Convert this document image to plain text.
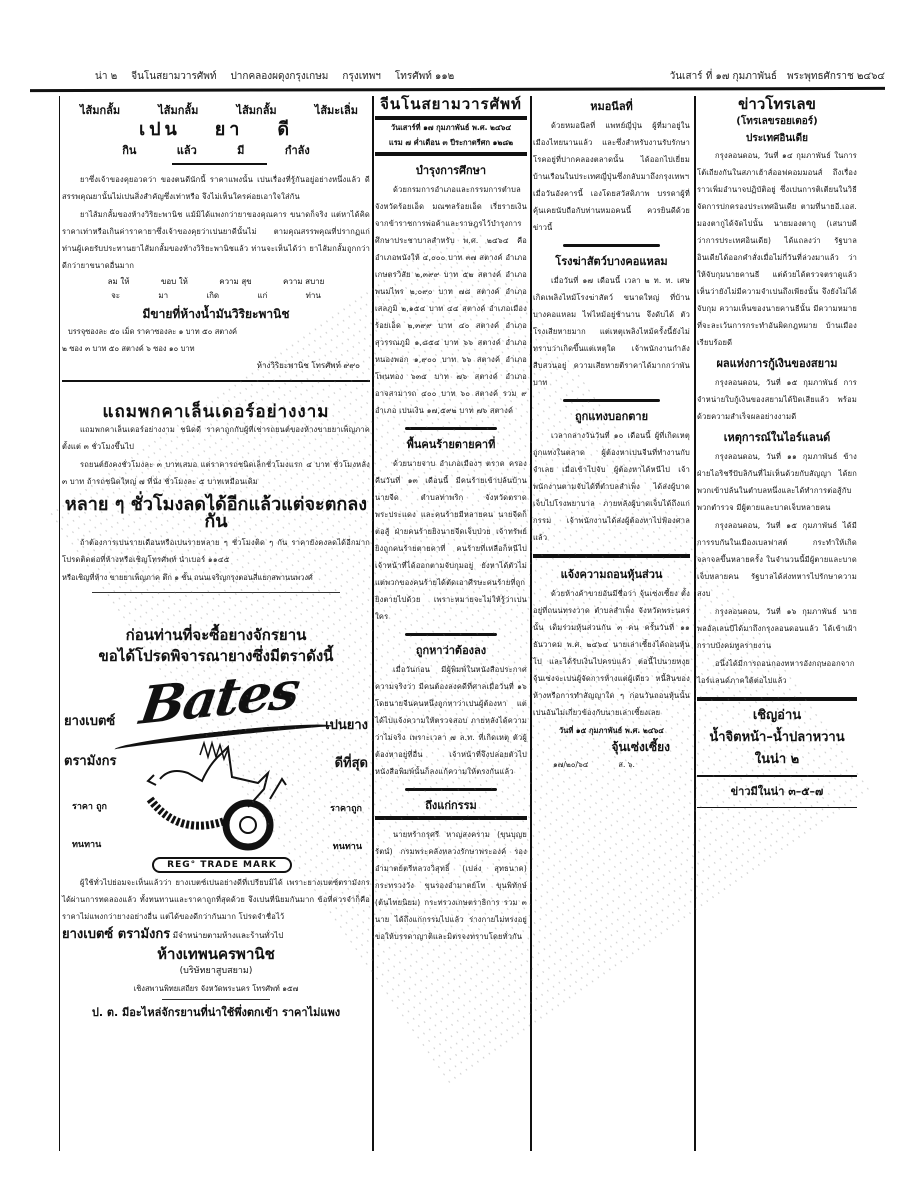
น่า ๒ จีนโนสยามวารศัพท์ ปากคลองผดุงกรุงเกษม กรุงเทพฯ โทรศัพท์ ๑๑๒	วันเสาร์ ที่ ๑๗ กุมภาพันธ์ พระพุทธศักราช ๒๔๖๔
ไส้มกลั้ม	ไส้มกลั้ม	ไส้มกลั้ม	ไส้มะเลิ่ม
เปน ยา ดี
กิน	แล้ว	มี	กำลัง

ยาซึ่งเจ้าของคุยอวดว่า ของตนดีนักนี้ ราคาแพงนั้น เปนเรื่องที่รู้กันอยู่อย่างหนึ่งแล้ว ดีสรรพคุณยานั้นไม่เปนสิ่งสำคัญซึ่งเท่าหรือ จึงไม่เห็นใครค่อยเอาใจใส่กัน

ยาไส้มกลั้มของห้างวิริยะพานิช แม้มิได้แพงกว่ายาของคุณคาร ขนาดก็จริง แต่หาได้คิดราคาเท่าหรือเกินค่าราคายาซึ่งเจ้าของคุยว่าเปนยาดีนั้นไม่ ตามคุณสรรพคุณที่ปรากฏแก่ท่านผู้เคยรับประทานยาไส้มกลั้มของห้างวิริยะพานิชแล้ว ท่านจะเห็นได้ว่า ยาไส้มกลั้มถูกกว่า ดีกว่ายาขนาดอื่นมาก

ลม ให้	ขอบ ให้	ความ สุข	ความ สบาย
จะ	มา	เกิด	แก่	ท่าน
มีขายที่ห้างน้ำมันวิริยะพานิช
บรรจุซองละ ๕๐ เม็ด ราคาซองละ ๑ บาท ๕๐ สตางค์
๒ ซอง ๓ บาท ๕๐ สตางค์ ๖ ซอง ๑๐ บาท
ห้างวิริยะพานิช โทรศัพท์ ๙๙๐
แถมพกคาเล็นเดอร์อย่างงาม

แถมพกคาเล็นเดอร์อย่างงาม ชนิดดี ราคาถูกกับผู้ที่เช่ารถยนต์ของห้างขายยาเพ็ญภาค ตั้งแต่ ๓ ชั่วโมงขึ้นไป

รถยนต์ยังคงชั่วโมงละ ๓ บาทเสมอ แต่ราคารถชนิดเล็กชั่วโมงแรก ๔ บาท ชั่วโมงหลัง ๓ บาท ถ้ารถชนิดใหญ่ ๗ ที่นั่ง ชั่วโมงละ ๕ บาทเหมือนเดิม

หลาย ๆ ชั่วโมงลดได้อีกแล้วแต่จะตกลงกัน

ถ้าต้องการเปนรายเดือนหรือเปนรายหลาย ๆ ชั่วโมงติด ๆ กัน ราคายังคงลดได้อีกมาก โปรดติดต่อที่ห้างหรือเชิญโทรศัพท์ นำเบอร์ ๑๑๔๕

หรือเชิญที่ห้าง ขายยาเพ็ญภาค ตึก ๑ ชั้น ถนนเจริญกรุงตอนสี่แยกสพานนพวงศ์
ก่อนท่านที่จะซื้อยางจักรยาน
ขอได้โปรดพิจารณายางซึ่งมีตราดังนี้
Bates
ยางเบตซ์
ตรามังกร
ราคา ถูก
ทนทาน
เปนยาง
ดีที่สุด
ราคาถูก
ทนทาน
REG° TRADE MARK

ผู้ใช้ทั่วไปย่อมจะเห็นแล้วว่า ยางเบตซ์เปนอย่างดีที่เปรียบมิได้ เพราะยางเบตซ์ตรามังกรได้ผ่านการทดลองแล้ว ทั้งทนทานและราคาถูกที่สุดด้วย จึงเปนที่นิยมกันมาก ข้อที่ควรจำก็คือ ราคาไม่แพงกว่ายางอย่างอื่น แต่ได้ของดีกว่ากันมาก โปรดจำชื่อไว้

ยางเบตซ์ ตรามังกร มีจำหน่ายตามห้างและร้านทั่วไป
ห้างเทพนครพานิช
(บริษัทยาสูบสยาม)
เชิงสพานพิทยเสถียร จังหวัดพระนคร โทรศัพท์ ๑๕๗
ป. ต. มีอะไหล่จักรยานที่น่าใช้พึ่งตกเข้า ราคาไม่แพง
จีนโนสยามวารศัพท์
วันเสาร์ที่ ๑๗ กุมภาพันธ์ พ.ศ. ๒๔๖๔
แรม ๗ ค่ำเดือน ๓ ปีระกาตรีศก ๑๒๘๒
บำรุงการศึกษา

ด้วยกรมการอำเภอและกรรมการตำบล จังหวัดร้อยเอ็ด มณฑลร้อยเอ็ด เรี่ยรายเงินจากข้าราชการพ่อค้าและราษฎรไว้บำรุงการศึกษาประชาบาลสำหรับ พ.ศ. ๒๔๖๔ คือ อำเภอพนังให้ ๔,๐๐๐ บาท ๓๗ สตางค์ อำเภอเกษตรวิสัย ๒,๓๙๙ บาท ๕๒ สตางค์ อำเภอพนมไพร ๒,๐๙๐ บาท ๗๘ สตางค์ อำเภอเสลภูมิ ๒,๑๕๔ บาท ๔๔ สตางค์ อำเภอเมืองร้อยเอ็ด ๒,๓๙๙ บาท ๔๐ สตางค์ อำเภอสุวรรณภูมิ ๑,๘๕๔ บาท ๖๖ สตางค์ อำเภอหนองพอก ๑,๙๐๐ บาท ๖๖ สตางค์ อำเภอโพนทอง ๖๓๔ บาท ๗๖ สตางค์ อำเภออาจสามารถ ๔๐๐ บาท ๖๐ สตางค์ รวม ๙ อำเภอ เปนเงิน ๑๗,๕๙๒ บาท ๗๖ สตางค์

พื้นคนร้ายตายคาที่

ด้วยนายจาบ อำเภอเมืองฯ ตราด ครองคืนวันที่ ๑๓ เดือนนี้ มีคนร้ายเข้าปล้นบ้านนายจีด ตำบลท่าพริก จังหวัดตราด พระประแดง และคนร้ายมีหลายคน นายจีดก็ต่อสู้ ฝ่ายคนร้ายยิงนายจีดเจ็บป่วย เจ้าทรัพย์ยิงถูกคนร้ายตายคาที่ คนร้ายที่เหลือก็หนีไป เจ้าหน้าที่ได้ออกตามจับกุมอยู่ ยังหาได้ตัวไม่ แต่พวกของคนร้ายได้ตัดเอาศีรษะคนร้ายที่ถูกยิงตายไปด้วย เพราะหมายจะไม่ให้รู้ว่าเปนใคร

ถูกหาว่าต้องลง

เมื่อวันก่อน มีผู้พิมพ์ในหนังสือประกาศความจริงว่า มีคนต้องลงคดีที่ศาลเมื่อวันที่ ๑๖ โดยนายจีนคนหนึ่งถูกหาว่าเปนผู้ต้องหา แต่ได้ไปแจ้งความให้ตรวจสอบ ภายหลังได้ความว่าไม่จริง เพราะเวลา ๗ ล.ท. ที่เกิดเหตุ ตัวผู้ต้องหาอยู่ที่อื่น เจ้าหน้าที่จึงปล่อยตัวไป หนังสือพิมพ์นั้นก็ลงแก้ความให้ตรงกันแล้ว

ถึงแก่กรรม

นายหร้ากรุศรี หาญสงคราม (ขุนบุญยรัตน์) กรมพระคลังหลวงรักษาพระองค์ รองอำมาตย์ตรีหลวงวิสุทธิ์ (เปล่ง สุทธนาค) กระทรวงวัง ขุนรองอำมาตย์โท ขุนพิทักษ์ (ต้นไทยนิยม) กระทรวงเกษตราธิการ รวม ๓ นาย ได้ถึงแก่กรรมไปแล้ว ร่างกายไม่ทรงอยู่ ขอให้บรรดาญาติและมิตรจงทราบโดยทั่วกัน

หมอนีลที่

ด้วยหมอนีลที่ แพทย์ญี่ปุ่น ผู้ที่มาอยู่ในเมืองไทยนานแล้ว และซึ่งสำหรับงานรับรักษาโรคอยู่ที่ปากคลองตลาดนั้น ได้ออกไปเยี่ยมบ้านเรือนในประเทศญี่ปุ่นซึ่งกลับมาถึงกรุงเทพฯ เมื่อวันอังคารนี้ เองโดยสวัสดิภาพ บรรดาผู้ที่คุ้นเคยนับถือกับท่านหมอคนนี้ ควรยินดีด้วยข่าวนี้

โรงฆ่าสัตว์บางคอแหลม

เมื่อวันที่ ๑๗ เดือนนี้ เวลา ๒ ท. ท. เศษ เกิดเพลิงไหม้โรงฆ่าสัตว์ ขนาดใหญ่ ที่บ้านบางคอแหลม ไฟไหม้อยู่ช้านาน จึงดับได้ ตัวโรงเสียหายมาก แต่เหตุเพลิงไหม้ครั้งนี้ยังไม่ทราบว่าเกิดขึ้นแต่เหตุใด เจ้าพนักงานกำลังสืบสวนอยู่ ความเสียหายตีราคาได้มากกว่าพันบาท

ถูกแทงบอกตาย

เวลากลางวันวันที่ ๑๐ เดือนนี้ ผู้ที่เกิดเหตุถูกแทงในตลาด ผู้ต้องหาเปนจีนที่ทำงานกับจำเลย เมื่อเข้าไปจับ ผู้ต้องหาได้หนีไป เจ้าพนักงานตามจับได้ที่ตำบลสำเพ็ง ได้ส่งผู้บาดเจ็บไปโรงพยาบาล ภายหลังผู้บาดเจ็บได้ถึงแก่กรรม เจ้าพนักงานได้ส่งผู้ต้องหาไปฟ้องศาลแล้ว

แจ้งความถอนหุ้นส่วน

ด้วยห้างค้าขายอันมีชื่อว่า จุ้นเซ่งเซี้ยง ตั้งอยู่ที่ถนนทรงวาด ตำบลสำเพ็ง จังหวัดพระนครนั้น เดิมร่วมหุ้นส่วนกัน ๓ คน ครั้นวันที่ ๑๑ ธันวาคม พ.ศ. ๒๔๖๔ นายเล่าเซี้ยงได้ถอนหุ้นไป และได้รับเงินไปครบแล้ว ต่อนี้ไปนายหงุยจุ้นเซ่งจะเปนผู้จัดการห้างแต่ผู้เดียว หนี้สินของห้างหรือการทำสัญญาใด ๆ ก่อนวันถอนหุ้นนั้น เปนอันไม่เกี่ยวข้องกับนายเล่าเซี้ยงเลย

วันที่ ๑๕ กุมภาพันธ์ พ.ศ. ๒๔๖๔
จุ้นเซ่งเซี้ยง
๑๗/๒๐/๖๔	ส. ๖.
ข่าวโทรเลข
(โทรเลขรอยเตอร์)
ประเทศอินเดีย

กรุงลอนดอน, วันที่ ๑๔ กุมภาพันธ์ ในการโต้เถียงกันในสภาเฮ้าส์ออฟคอมมอนส์ ถึงเรื่องราวเพิ่มอำนาจปฏิบัติอยู่ ซึ่งเปนการติเตียนในวิธีจัดการปกครองประเทศอินเดีย ตามที่นายอี.เอส. มองตากูได้จัดไปนั้น นายมองตากู (เสนาบดีว่าการประเทศอินเดีย) ได้แถลงว่า รัฐบาลอินเดียได้ออกคำสั่งเมื่อไม่กี่วันที่ล่วงมาแล้ว ว่าให้จับกุมนายคานธี แต่ด้วยได้ตรวจตราดูแล้ว เห็นว่ายังไม่มีความจำเปนถึงเพียงนั้น จึงยังไม่ได้จับกุม ความเห็นของนายคานธีนั้น มีความหมายที่จะละเว้นการกระทำอันผิดกฎหมาย บ้านเมืองเรียบร้อยดี

ผลแห่งการกู้เงินของสยาม

กรุงลอนดอน, วันที่ ๑๕ กุมภาพันธ์ การจำหน่ายใบกู้เงินของสยามได้ปิดเสียแล้ว พร้อมด้วยความสำเร็จผลอย่างงามดี

เหตุการณ์ในไอร์แลนด์

กรุงลอนดอน, วันที่ ๑๑ กุมภาพันธ์ ข้างฝ่ายไอริชรีปับลิกันที่ไม่เห็นด้วยกับสัญญา ได้ยกพวกเข้าปล้นในตำบลหนึ่งและได้ทำการต่อสู้กับพวกตำรวจ มีผู้ตายและบาดเจ็บหลายคน

กรุงลอนดอน, วันที่ ๑๕ กุมภาพันธ์ ได้มีการรบกันในเมืองเบลฟาสต์ กระทำให้เกิดจลาจลขึ้นหลายครั้ง ในจำนวนนี้มีผู้ตายและบาดเจ็บหลายคน รัฐบาลได้ส่งทหารไปรักษาความสงบ

กรุงลอนดอน, วันที่ ๑๖ กุมภาพันธ์ นายพลอัลเลนบีได้มาถึงกรุงลอนดอนแล้ว ได้เข้าเฝ้ากราบบังคมทูลรายงาน

อนึ่งได้มีการถอนกองทหารอังกฤษออกจากไอร์แลนด์ภาคใต้ต่อไปแล้ว

เชิญอ่าน
น้ำจิตหน้า–น้ำปลาหวาน
ในน่า ๒
ข่าวมีในน่า ๓–๕–๗
